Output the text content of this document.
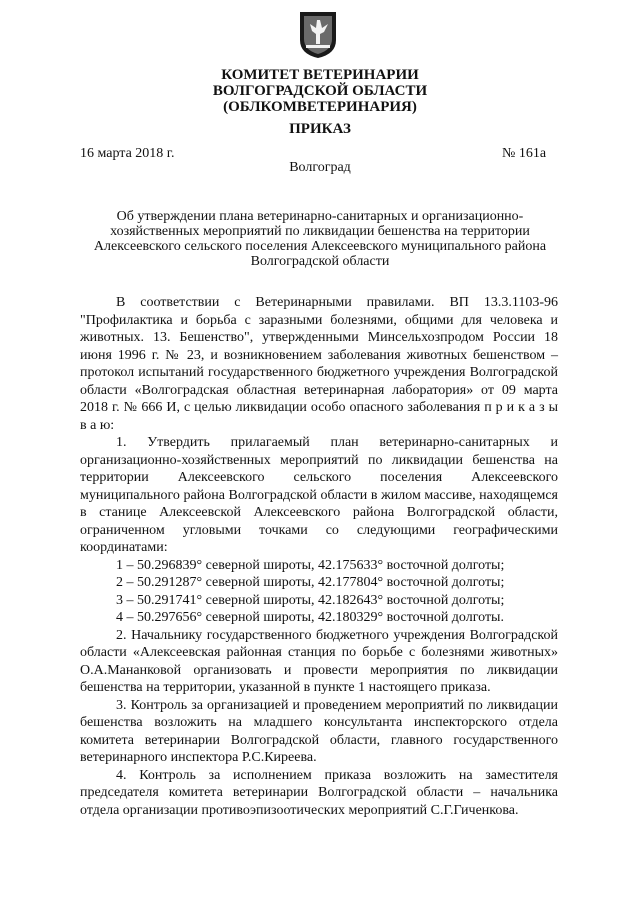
КОМИТЕТ ВЕТЕРИНАРИИ
ВОЛГОГРАДСКОЙ ОБЛАСТИ
(ОБЛКОМВЕТЕРИНАРИЯ)
ПРИКАЗ
16 марта 2018 г.	№ 161а
Волгоград
Об утверждении плана ветеринарно-санитарных и организационно-хозяйственных мероприятий по ликвидации бешенства на территории Алексеевского сельского поселения Алексеевского муниципального района Волгоградской области

В соответствии с Ветеринарными правилами. ВП 13.3.1103-96 "Профилактика и борьба с заразными болезнями, общими для человека и животных. 13. Бешенство", утвержденными Минсельхозпродом России 18 июня 1996 г. № 23, и возникновением заболевания животных бешенством – протокол испытаний государственного бюджетного учреждения Волгоградской области «Волгоградская областная ветеринарная лаборатория» от 09 марта 2018 г. № 666 И, с целью ликвидации особо опасного заболевания п р и к а з ы в а ю:

1. Утвердить прилагаемый план ветеринарно-санитарных и организационно-хозяйственных мероприятий по ликвидации бешенства на территории Алексеевского сельского поселения Алексеевского муниципального района Волгоградской области в жилом массиве, находящемся в станице Алексеевской Алексеевского района Волгоградской области, ограниченном угловыми точками со следующими географическими координатами:

1 – 50.296839° северной широты, 42.175633° восточной долготы;

2 – 50.291287° северной широты, 42.177804° восточной долготы;

3 – 50.291741° северной широты, 42.182643° восточной долготы;

4 – 50.297656° северной широты, 42.180329° восточной долготы.

2. Начальнику государственного бюджетного учреждения Волгоградской области «Алексеевская районная станция по борьбе с болезнями животных» О.А.Мананковой организовать и провести мероприятия по ликвидации бешенства на территории, указанной в пункте 1 настоящего приказа.

3. Контроль за организацией и проведением мероприятий по ликвидации бешенства возложить на младшего консультанта инспекторского отдела комитета ветеринарии Волгоградской области, главного государственного ветеринарного инспектора Р.С.Киреева.

4. Контроль за исполнением приказа возложить на заместителя председателя комитета ветеринарии Волгоградской области – начальника отдела организации противоэпизоотических мероприятий С.Г.Гиченкова.
